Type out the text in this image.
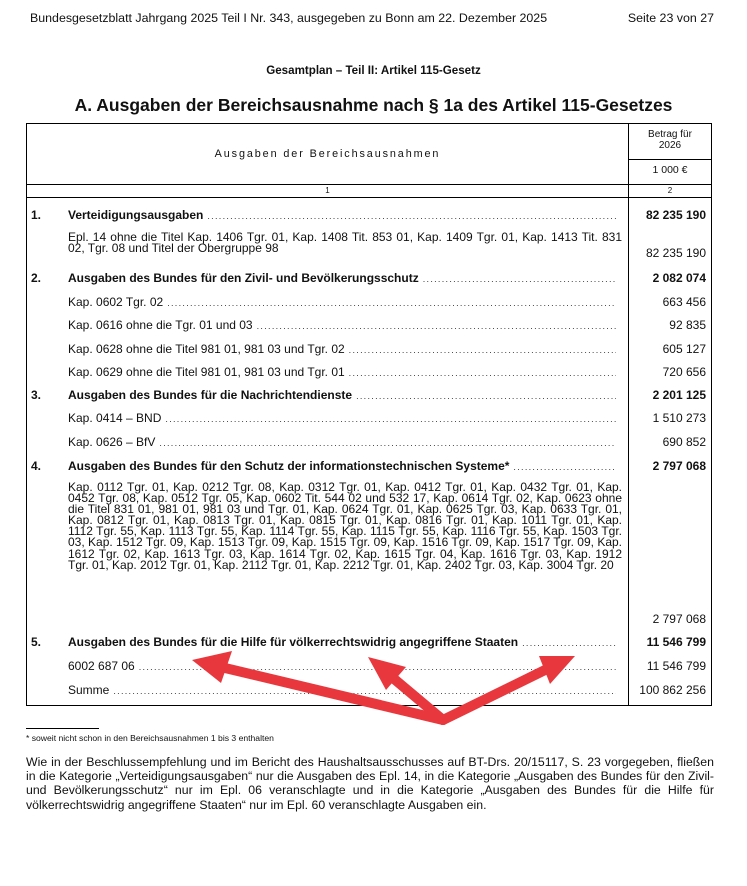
Bundesgesetzblatt Jahrgang 2025 Teil I Nr. 343, ausgegeben zu Bonn am 22. Dezember 2025	Seite 23 von 27
Gesamtplan – Teil II: Artikel 115-Gesetz
A. Ausgaben der Bereichsausnahme nach § 1a des Artikel 115-Gesetzes
Ausgaben der Bereichsausnahmen
Betrag für
2026
1 000 €
1	2
1.	Verteidigungsausgaben . . .	82 235 190
Epl. 14 ohne die Titel Kap. 1406 Tgr. 01, Kap. 1408 Tit. 853 01, Kap. 1409 Tgr. 01, Kap. 1413 Tit. 831 02, Tgr. 08 und Titel der Obergruppe 98	82 235 190
2.	Ausgaben des Bundes für den Zivil- und Bevölkerungsschutz . . .	2 082 074
Kap. 0602 Tgr. 02 . . .	663 456
Kap. 0616 ohne die Tgr. 01 und 03 . . .	92 835
Kap. 0628 ohne die Titel 981 01, 981 03 und Tgr. 02 . . .	605 127
Kap. 0629 ohne die Titel 981 01, 981 03 und Tgr. 01 . . .	720 656
3.	Ausgaben des Bundes für die Nachrichtendienste . . .	2 201 125
Kap. 0414 – BND . . .	1 510 273
Kap. 0626 – BfV . . .	690 852
4.	Ausgaben des Bundes für den Schutz der informationstechnischen Systeme* . . .	2 797 068
Kap. 0112 Tgr. 01, Kap. 0212 Tgr. 08, Kap. 0312 Tgr. 01, Kap. 0412 Tgr. 01, Kap. 0432 Tgr. 01, Kap. 0452 Tgr. 08, Kap. 0512 Tgr. 05, Kap. 0602 Tit. 544 02 und 532 17, Kap. 0614 Tgr. 02, Kap. 0623 ohne die Titel 831 01, 981 01, 981 03 und Tgr. 01, Kap. 0624 Tgr. 01, Kap. 0625 Tgr. 03, Kap. 0633 Tgr. 01, Kap. 0812 Tgr. 01, Kap. 0813 Tgr. 01, Kap. 0815 Tgr. 01, Kap. 0816 Tgr. 01, Kap. 1011 Tgr. 01, Kap. 1112 Tgr. 55, Kap. 1113 Tgr. 55, Kap. 1114 Tgr. 55, Kap. 1115 Tgr. 55, Kap. 1116 Tgr. 55, Kap. 1503 Tgr. 03, Kap. 1512 Tgr. 09, Kap. 1513 Tgr. 09, Kap. 1515 Tgr. 09, Kap. 1516 Tgr. 09, Kap. 1517 Tgr. 09, Kap. 1612 Tgr. 02, Kap. 1613 Tgr. 03, Kap. 1614 Tgr. 02, Kap. 1615 Tgr. 04, Kap. 1616 Tgr. 03, Kap. 1912 Tgr. 01, Kap. 2012 Tgr. 01, Kap. 2112 Tgr. 01, Kap. 2212 Tgr. 01, Kap. 2402 Tgr. 03, Kap. 3004 Tgr. 20
2 797 068
5.	Ausgaben des Bundes für die Hilfe für völkerrechtswidrig angegriffene Staaten . . .	11 546 799
6002 687 06 . . .	11 546 799
Summe . . .	100 862 256
* soweit nicht schon in den Bereichsausnahmen 1 bis 3 enthalten
Wie in der Beschlussempfehlung und im Bericht des Haushaltsausschusses auf BT-Drs. 20/15117, S. 23 vorgegeben, fließen in die Kategorie „Verteidigungsausgaben“ nur die Ausgaben des Epl. 14, in die Kategorie „Ausgaben des Bundes für den Zivil- und Bevölkerungsschutz“ nur im Epl. 06 veranschlagte und in die Kategorie „Ausgaben des Bundes für die Hilfe für völkerrechtswidrig angegriffene Staaten“ nur im Epl. 60 veranschlagte Ausgaben ein.
